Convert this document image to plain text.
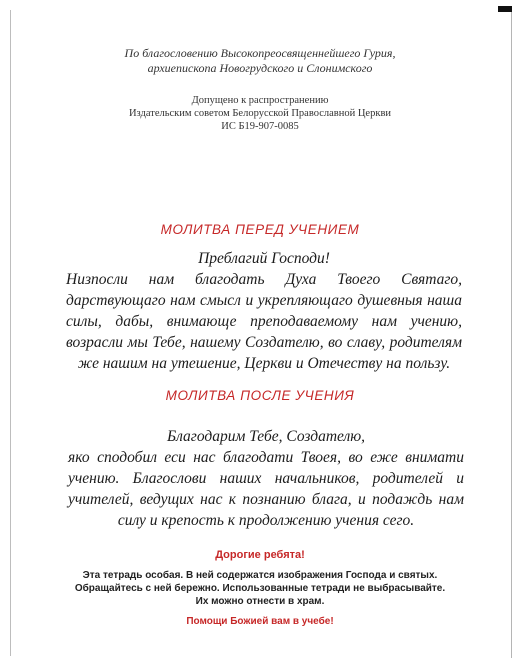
По благословению Высокопреосвященнейшего Гурия,
архиепископа Новогрудского и Слонимского
Допущено к распространению
Издательским советом Белорусской Православной Церкви
ИС Б19-907-0085
МОЛИТВА ПЕРЕД УЧЕНИЕМ
Преблагий Господи!
Низпосли нам благодать Духа Твоего Святаго, дарствующаго нам смысл и укрепляющаго душевныя наша силы, дабы, внимающе преподаваемому нам учению, возрасли мы Тебе, нашему Создателю, во славу, родителям же нашим на утешение, Церкви и Отечеству на пользу.
МОЛИТВА ПОСЛЕ УЧЕНИЯ
Благодарим Тебе, Создателю,
яко сподобил еси нас благодати Твоея, во еже внимати учению. Благослови наших начальников, родителей и учителей, ведущих нас к познанию блага, и подаждь нам силу и крепость к продолжению учения сего.
Дорогие ребята!
Эта тетрадь особая. В ней содержатся изображения Господа и святых.
Обращайтесь с ней бережно. Использованные тетради не выбрасывайте.
Их можно отнести в храм.
Помощи Божией вам в учебе!
